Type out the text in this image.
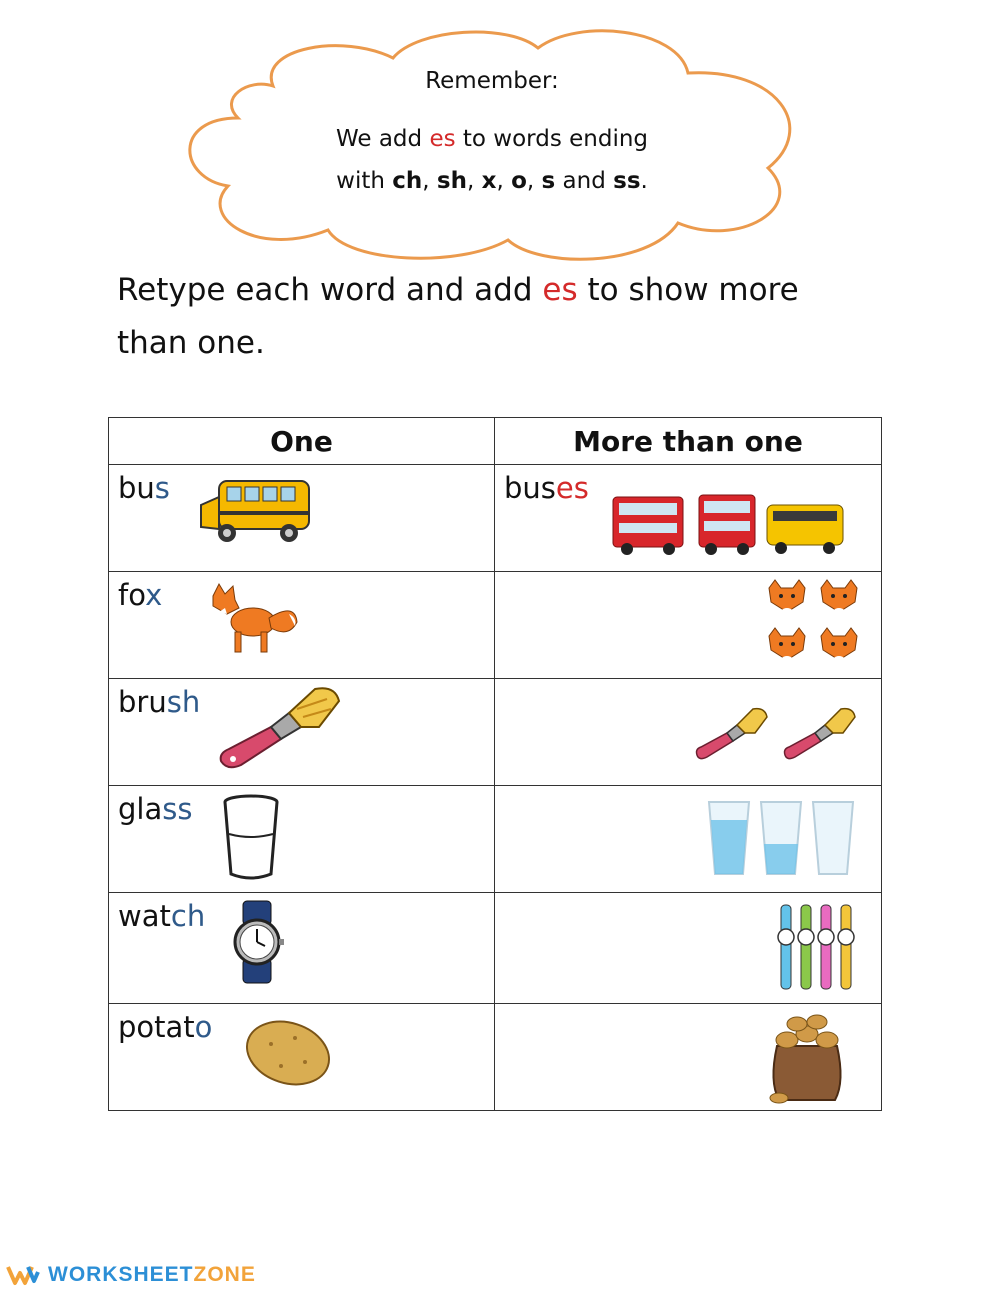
Remember:
We add es to words ending
with ch, sh, x, o, s and ss.
Retype each word and add es to show more than one.
One	More than one

bus	buses

fox

brush

glass

watch

potato

WORKSHEETZONE
